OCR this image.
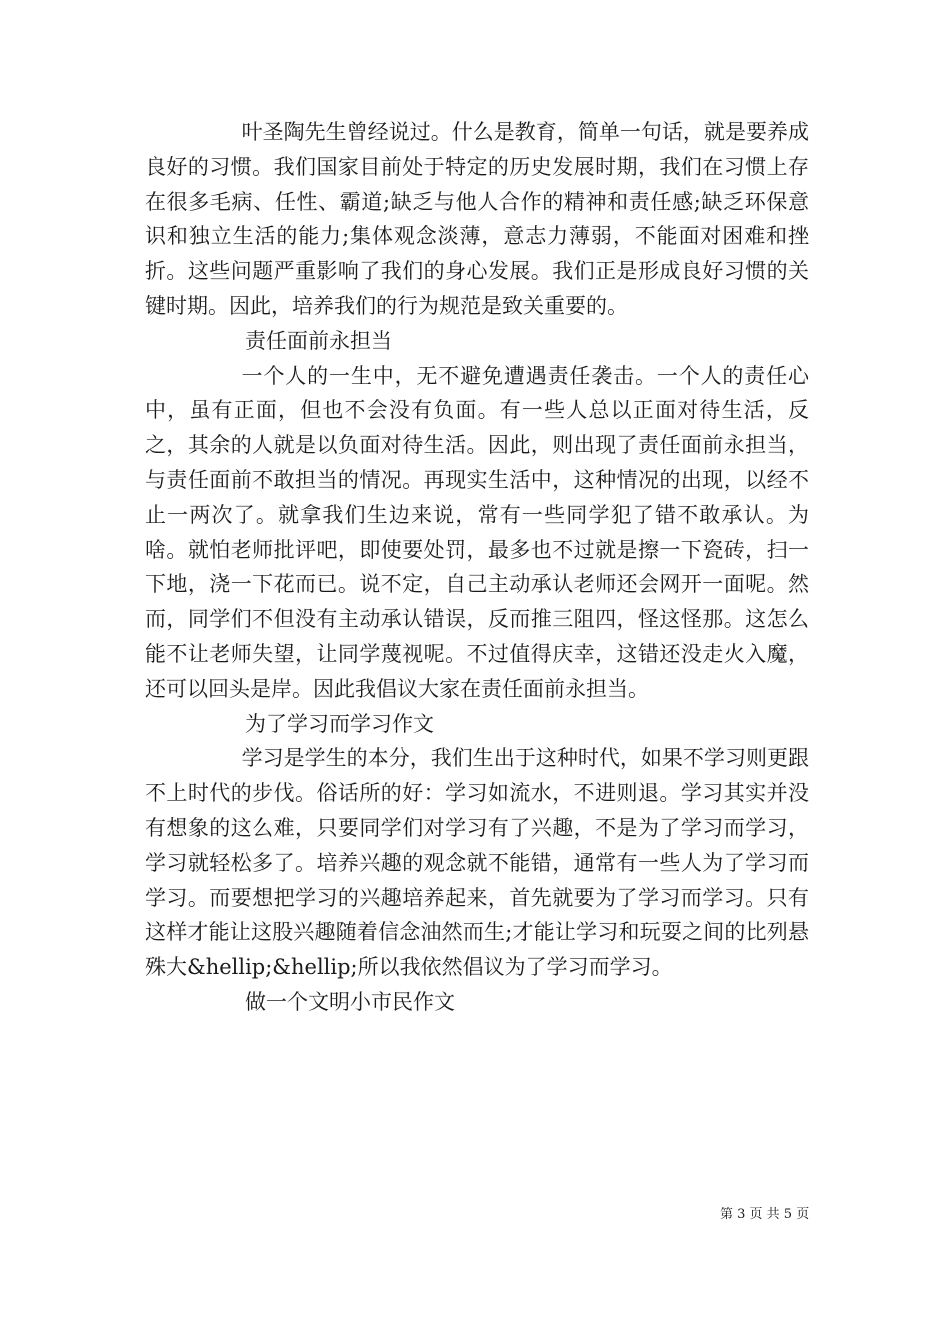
叶圣陶先生曾经说过。什么是教育，简单一句话，就是要养成良好的习惯。我们国家目前处于特定的历史发展时期，我们在习惯上存在很多毛病、任性、霸道;缺乏与他人合作的精神和责任感;缺乏环保意识和独立生活的能力;集体观念淡薄，意志力薄弱，不能面对困难和挫折。这些问题严重影响了我们的身心发展。我们正是形成良好习惯的关键时期。因此，培养我们的行为规范是致关重要的。

责任面前永担当

一个人的一生中，无不避免遭遇责任袭击。一个人的责任心中，虽有正面，但也不会没有负面。有一些人总以正面对待生活，反之，其余的人就是以负面对待生活。因此，则出现了责任面前永担当，与责任面前不敢担当的情况。再现实生活中，这种情况的出现，以经不止一两次了。就拿我们生边来说，常有一些同学犯了错不敢承认。为啥。就怕老师批评吧，即使要处罚，最多也不过就是擦一下瓷砖，扫一下地，浇一下花而已。说不定，自己主动承认老师还会网开一面呢。然而，同学们不但没有主动承认错误，反而推三阻四，怪这怪那。这怎么能不让老师失望，让同学蔑视呢。不过值得庆幸，这错还没走火入魔，还可以回头是岸。因此我倡议大家在责任面前永担当。

为了学习而学习作文

学习是学生的本分，我们生出于这种时代，如果不学习则更跟不上时代的步伐。俗话所的好：学习如流水，不进则退。学习其实并没有想象的这么难，只要同学们对学习有了兴趣，不是为了学习而学习，学习就轻松多了。培养兴趣的观念就不能错，通常有一些人为了学习而学习。而要想把学习的兴趣培养起来，首先就要为了学习而学习。只有这样才能让这股兴趣随着信念油然而生;才能让学习和玩耍之间的比列悬殊大&hellip;&hellip;所以我依然倡议为了学习而学习。

做一个文明小市民作文

第 3 页 共 5 页
